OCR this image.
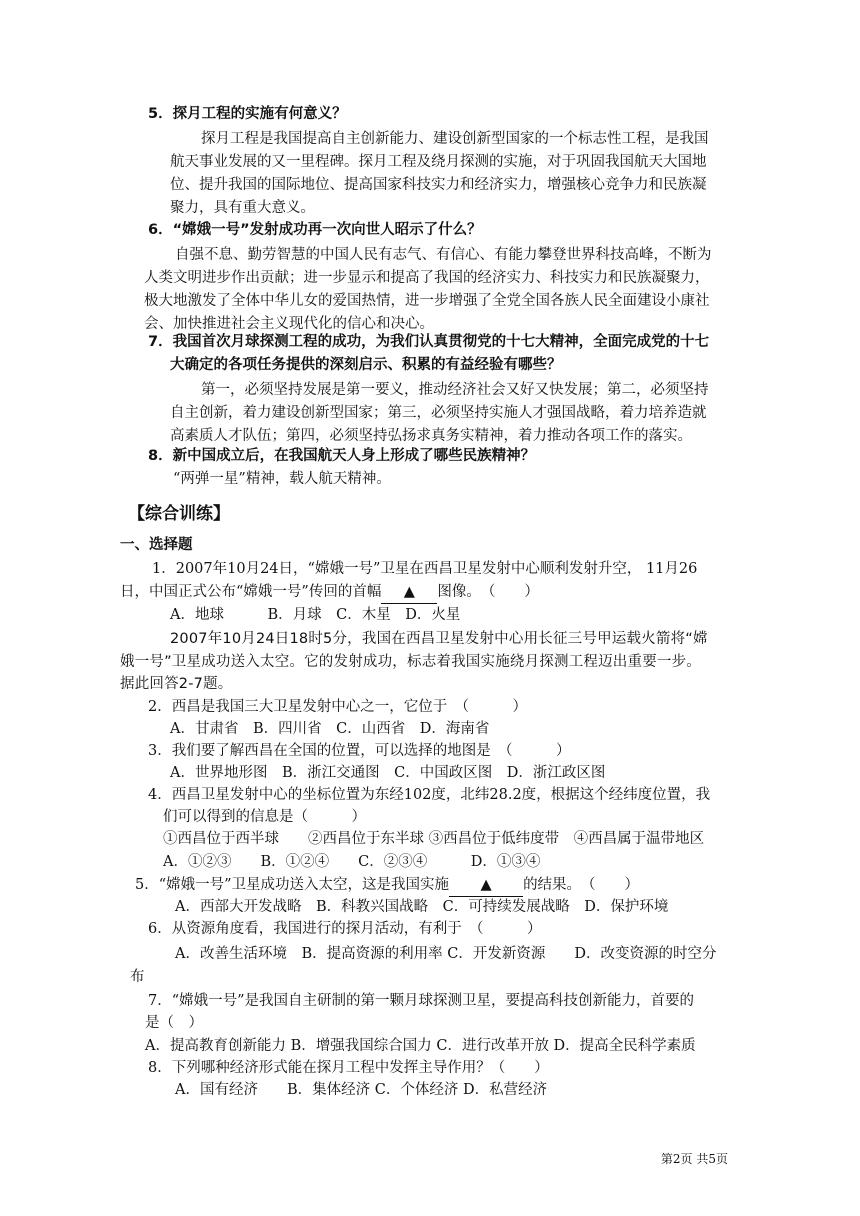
5．探月工程的实施有何意义？
探月工程是我国提高自主创新能力、建设创新型国家的一个标志性工程，是我国
航天事业发展的又一里程碑。探月工程及绕月探测的实施，对于巩固我国航天大国地
位、提升我国的国际地位、提高国家科技实力和经济实力，增强核心竞争力和民族凝
聚力，具有重大意义。
6．“嫦娥一号”发射成功再一次向世人昭示了什么？
自强不息、勤劳智慧的中国人民有志气、有信心、有能力攀登世界科技高峰，不断为
人类文明进步作出贡献；进一步显示和提高了我国的经济实力、科技实力和民族凝聚力，
极大地激发了全体中华儿女的爱国热情，进一步增强了全党全国各族人民全面建设小康社
会、加快推进社会主义现代化的信心和决心。
7．我国首次月球探测工程的成功，为我们认真贯彻党的十七大精神，全面完成党的十七
大确定的各项任务提供的深刻启示、积累的有益经验有哪些？
第一，必须坚持发展是第一要义，推动经济社会又好又快发展；第二，必须坚持
自主创新，着力建设创新型国家；第三，必须坚持实施人才强国战略，着力培养造就
高素质人才队伍；第四，必须坚持弘扬求真务实精神，着力推动各项工作的落实。
8．新中国成立后，在我国航天人身上形成了哪些民族精神？
“两弹一星”精神，载人航天精神。
【综合训练】
一、选择题
1．2007年10月24日，“嫦娥一号”卫星在西昌卫星发射中心顺利发射升空， 11月26
日，中国正式公布“嫦娥一号”传回的首幅 ▲ 图像。　（　　）
A．地球　　　B．月球　C．木星　D．火星
2007年10月24日18时5分，我国在西昌卫星发射中心用长征三号甲运载火箭将“嫦
娥一号”卫星成功送入太空。它的发射成功，标志着我国实施绕月探测工程迈出重要一步。
据此回答2-7题。
2．西昌是我国三大卫星发射中心之一，它位于　（　　　）
A．甘肃省　B．四川省　C．山西省　D．海南省
3．我们要了解西昌在全国的位置，可以选择的地图是　（　　　）
A．世界地形图　B．浙江交通图　C．中国政区图　D．浙江政区图
4．西昌卫星发射中心的坐标位置为东经102度，北纬28.2度，根据这个经纬度位置，我
们可以得到的信息是（　　　）
①西昌位于西半球　　②西昌位于东半球 ③西昌位于低纬度带　④西昌属于温带地区
A．①②③　　B．①②④　　C．②③④　　　D．①③④
5．“嫦娥一号”卫星成功送入太空，这是我国实施 ▲ 的结果。　（　　）
A．西部大开发战略　B．科教兴国战略　C．可持续发展战略　D．保护环境
6．从资源角度看，我国进行的探月活动，有利于　（　　　）
A．改善生活环境　B．提高资源的利用率 C．开发新资源　　D．改变资源的时空分
布
7．“嫦娥一号”是我国自主研制的第一颗月球探测卫星，要提高科技创新能力，首要的
是（　）
A．提高教育创新能力 B．增强我国综合国力 C．进行改革开放 D．提高全民科学素质
8．下列哪种经济形式能在探月工程中发挥主导作用？（　　）
A．国有经济　　B．集体经济 C．个体经济 D．私营经济
第2页 共5页
